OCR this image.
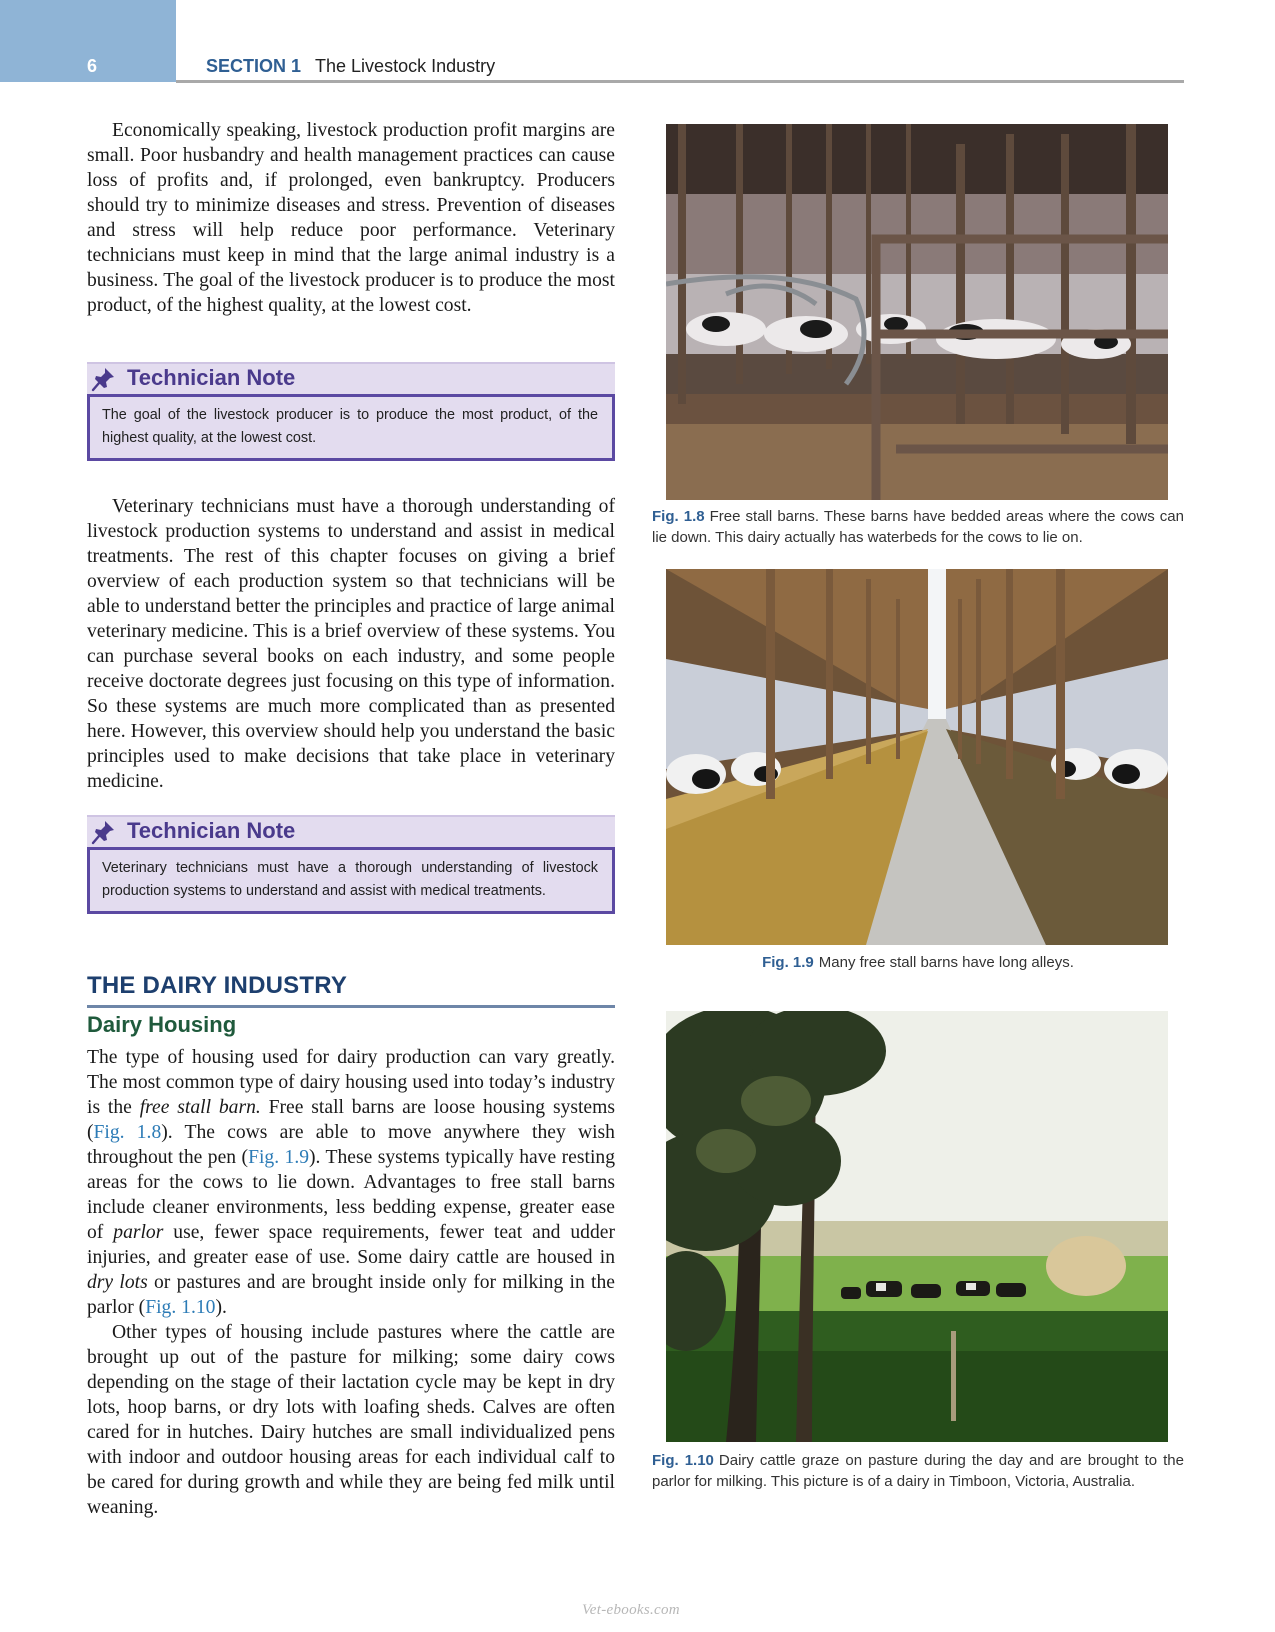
6	SECTION 1 The Livestock Industry

Economically speaking, livestock production profit margins are small. Poor husbandry and health management practices can cause loss of profits and, if prolonged, even bankruptcy. Producers should try to minimize diseases and stress. Prevention of diseases and stress will help reduce poor performance. Veterinary technicians must keep in mind that the large animal industry is a business. The goal of the livestock producer is to produce the most product, of the highest quality, at the lowest cost.

Technician Note
The goal of the livestock producer is to produce the most product, of the highest quality, at the lowest cost.

Veterinary technicians must have a thorough understanding of livestock production systems to understand and assist in medical treatments. The rest of this chapter focuses on giving a brief overview of each production system so that technicians will be able to understand better the principles and practice of large animal veterinary medicine. This is a brief overview of these systems. You can purchase several books on each industry, and some people receive doctorate degrees just focusing on this type of information. So these systems are much more complicated than as presented here. However, this overview should help you understand the basic principles used to make decisions that take place in veterinary medicine.

Technician Note
Veterinary technicians must have a thorough understanding of livestock production systems to understand and assist with medical treatments.
THE DAIRY INDUSTRY
Dairy Housing

The type of housing used for dairy production can vary greatly. The most common type of dairy housing used into today’s industry is the free stall barn. Free stall barns are loose housing systems (Fig. 1.8). The cows are able to move anywhere they wish throughout the pen (Fig. 1.9). These systems typically have resting areas for the cows to lie down. Advantages to free stall barns include cleaner environments, less bedding expense, greater ease of parlor use, fewer space requirements, fewer teat and udder injuries, and greater ease of use. Some dairy cattle are housed in dry lots or pastures and are brought inside only for milking in the parlor (Fig. 1.10).

Other types of housing include pastures where the cattle are brought up out of the pasture for milking; some dairy cows depending on the stage of their lactation cycle may be kept in dry lots, hoop barns, or dry lots with loafing sheds. Calves are often cared for in hutches. Dairy hutches are small individualized pens with indoor and outdoor housing areas for each individual calf to be cared for during growth and while they are being fed milk until weaning.

Fig. 1.8 Free stall barns. These barns have bedded areas where the cows can lie down. This dairy actually has waterbeds for the cows to lie on.
Fig. 1.9 Many free stall barns have long alleys.
Fig. 1.10 Dairy cattle graze on pasture during the day and are brought to the parlor for milking. This picture is of a dairy in Timboon, Victoria, Australia.
Vet-ebooks.com
